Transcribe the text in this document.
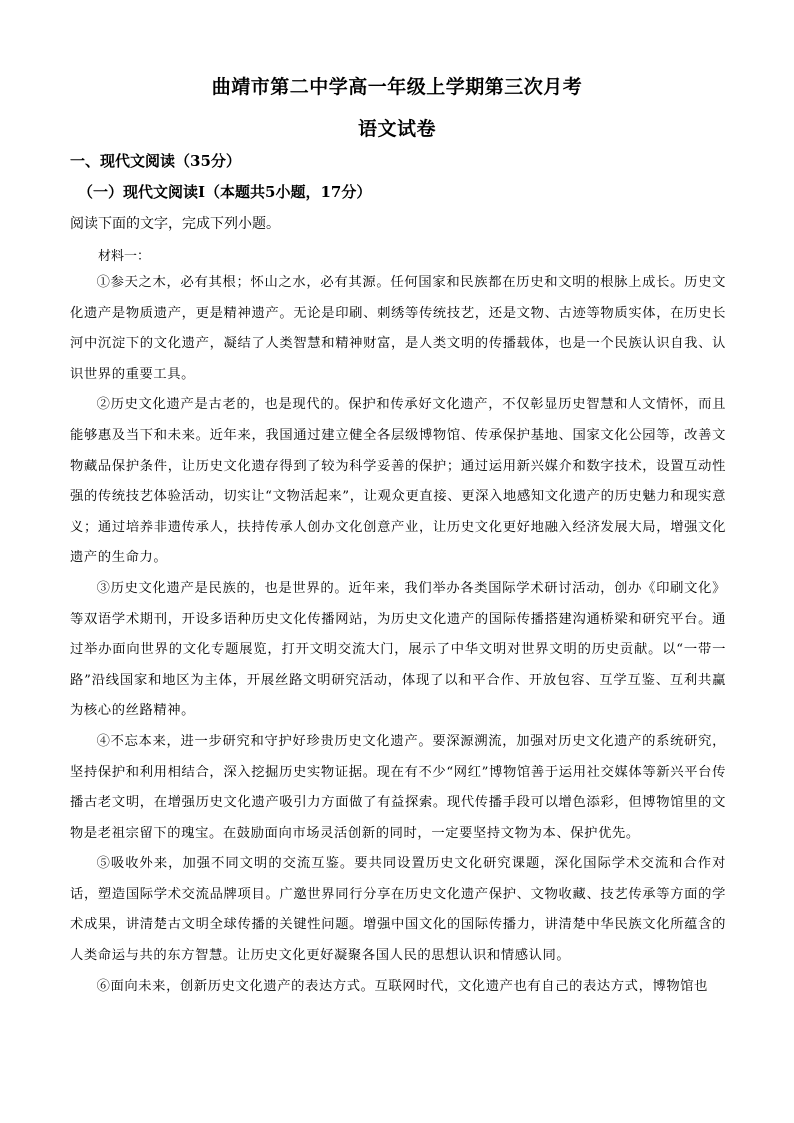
曲靖市第二中学高一年级上学期第三次月考
语文试卷
一、现代文阅读（35分）
（一）现代文阅读Ⅰ（本题共5小题，17分）
阅读下面的文字，完成下列小题。
材料一：

①参天之木，必有其根；怀山之水，必有其源。任何国家和民族都在历史和文明的根脉上成长。历史文化遗产是物质遗产，更是精神遗产。无论是印刷、刺绣等传统技艺，还是文物、古迹等物质实体，在历史长河中沉淀下的文化遗产，凝结了人类智慧和精神财富，是人类文明的传播载体，也是一个民族认识自我、认识世界的重要工具。

②历史文化遗产是古老的，也是现代的。保护和传承好文化遗产，不仅彰显历史智慧和人文情怀，而且能够惠及当下和未来。近年来，我国通过建立健全各层级博物馆、传承保护基地、国家文化公园等，改善文物藏品保护条件，让历史文化遗存得到了较为科学妥善的保护；通过运用新兴媒介和数字技术，设置互动性强的传统技艺体验活动，切实让“文物活起来”，让观众更直接、更深入地感知文化遗产的历史魅力和现实意义；通过培养非遗传承人，扶持传承人创办文化创意产业，让历史文化更好地融入经济发展大局，增强文化遗产的生命力。

③历史文化遗产是民族的，也是世界的。近年来，我们举办各类国际学术研讨活动，创办《印刷文化》等双语学术期刊，开设多语种历史文化传播网站，为历史文化遗产的国际传播搭建沟通桥梁和研究平台。通过举办面向世界的文化专题展览，打开文明交流大门，展示了中华文明对世界文明的历史贡献。以“一带一路”沿线国家和地区为主体，开展丝路文明研究活动，体现了以和平合作、开放包容、互学互鉴、互利共赢为核心的丝路精神。

④不忘本来，进一步研究和守护好珍贵历史文化遗产。要深源溯流，加强对历史文化遗产的系统研究，坚持保护和利用相结合，深入挖掘历史实物证据。现在有不少“网红”博物馆善于运用社交媒体等新兴平台传播古老文明，在增强历史文化遗产吸引力方面做了有益探索。现代传播手段可以增色添彩，但博物馆里的文物是老祖宗留下的瑰宝。在鼓励面向市场灵活创新的同时，一定要坚持文物为本、保护优先。

⑤吸收外来，加强不同文明的交流互鉴。要共同设置历史文化研究课题，深化国际学术交流和合作对话，塑造国际学术交流品牌项目。广邀世界同行分享在历史文化遗产保护、文物收藏、技艺传承等方面的学术成果，讲清楚古文明全球传播的关键性问题。增强中国文化的国际传播力，讲清楚中华民族文化所蕴含的人类命运与共的东方智慧。让历史文化更好凝聚各国人民的思想认识和情感认同。

⑥面向未来，创新历史文化遗产的表达方式。互联网时代，文化遗产也有自己的表达方式，博物馆也
